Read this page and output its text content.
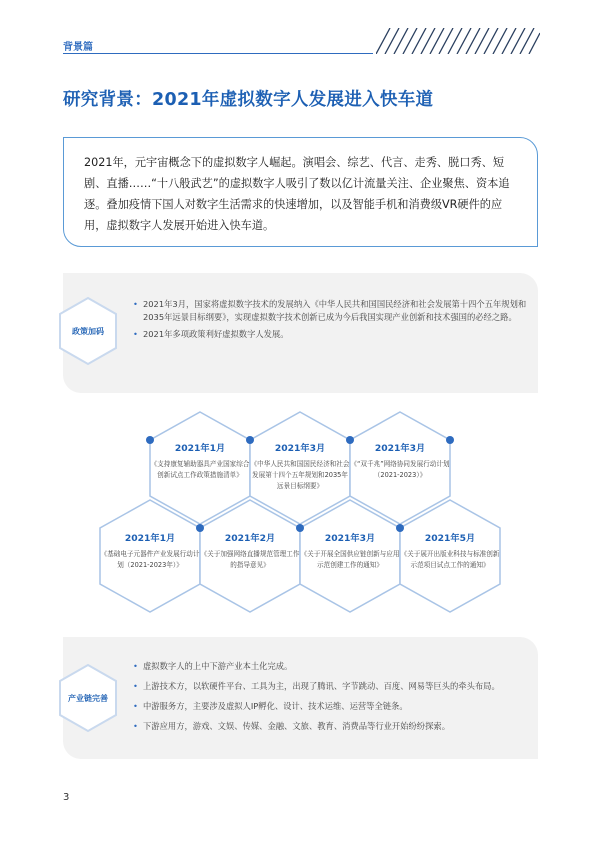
背景篇
研究背景：2021年虚拟数字人发展进入快车道
2021年，元宇宙概念下的虚拟数字人崛起。演唱会、综艺、代言、走秀、脱口秀、短剧、直播……“十八般武艺”的虚拟数字人吸引了数以亿计流量关注、企业聚焦、资本追逐。叠加疫情下国人对数字生活需求的快速增加，以及智能手机和消费级VR硬件的应用，虚拟数字人发展开始进入快车道。
政策加码
• 2021年3月，国家将虚拟数字技术的发展纳入《中华人民共和国国民经济和社会发展第十四个五年规划和 2035年远景目标纲要》，实现虚拟数字技术创新已成为今后我国实现产业创新和技术强国的必经之路。
• 2021年多项政策利好虚拟数字人发展。
2021年1月
《支持康复辅助器具产业国家综合创新试点工作政策措施清单》
2021年3月
《中华人民共和国国民经济和社会发展第十四个五年规划和2035年远景目标纲要》
2021年3月
《“双千兆”网络协同发展行动计划（2021-2023）》
2021年1月
《基础电子元器件产业发展行动计划（2021-2023年）》
2021年2月
《关于加强网络直播规范管理工作的指导意见》
2021年3月
《关于开展全国供应链创新与应用示范创建工作的通知》
2021年5月
《关于展开出版业科技与标准创新示范项目试点工作的通知》
产业链完善
• 虚拟数字人的上中下游产业本土化完成。
• 上游技术方，以软硬件平台、工具为主，出现了腾讯、字节跳动、百度、网易等巨头的牵头布局。
• 中游服务方，主要涉及虚拟人IP孵化、设计、技术运维、运营等全链条。
• 下游应用方，游戏、文娱、传媒、金融、文旅、教育、消费品等行业开始纷纷探索。
3
